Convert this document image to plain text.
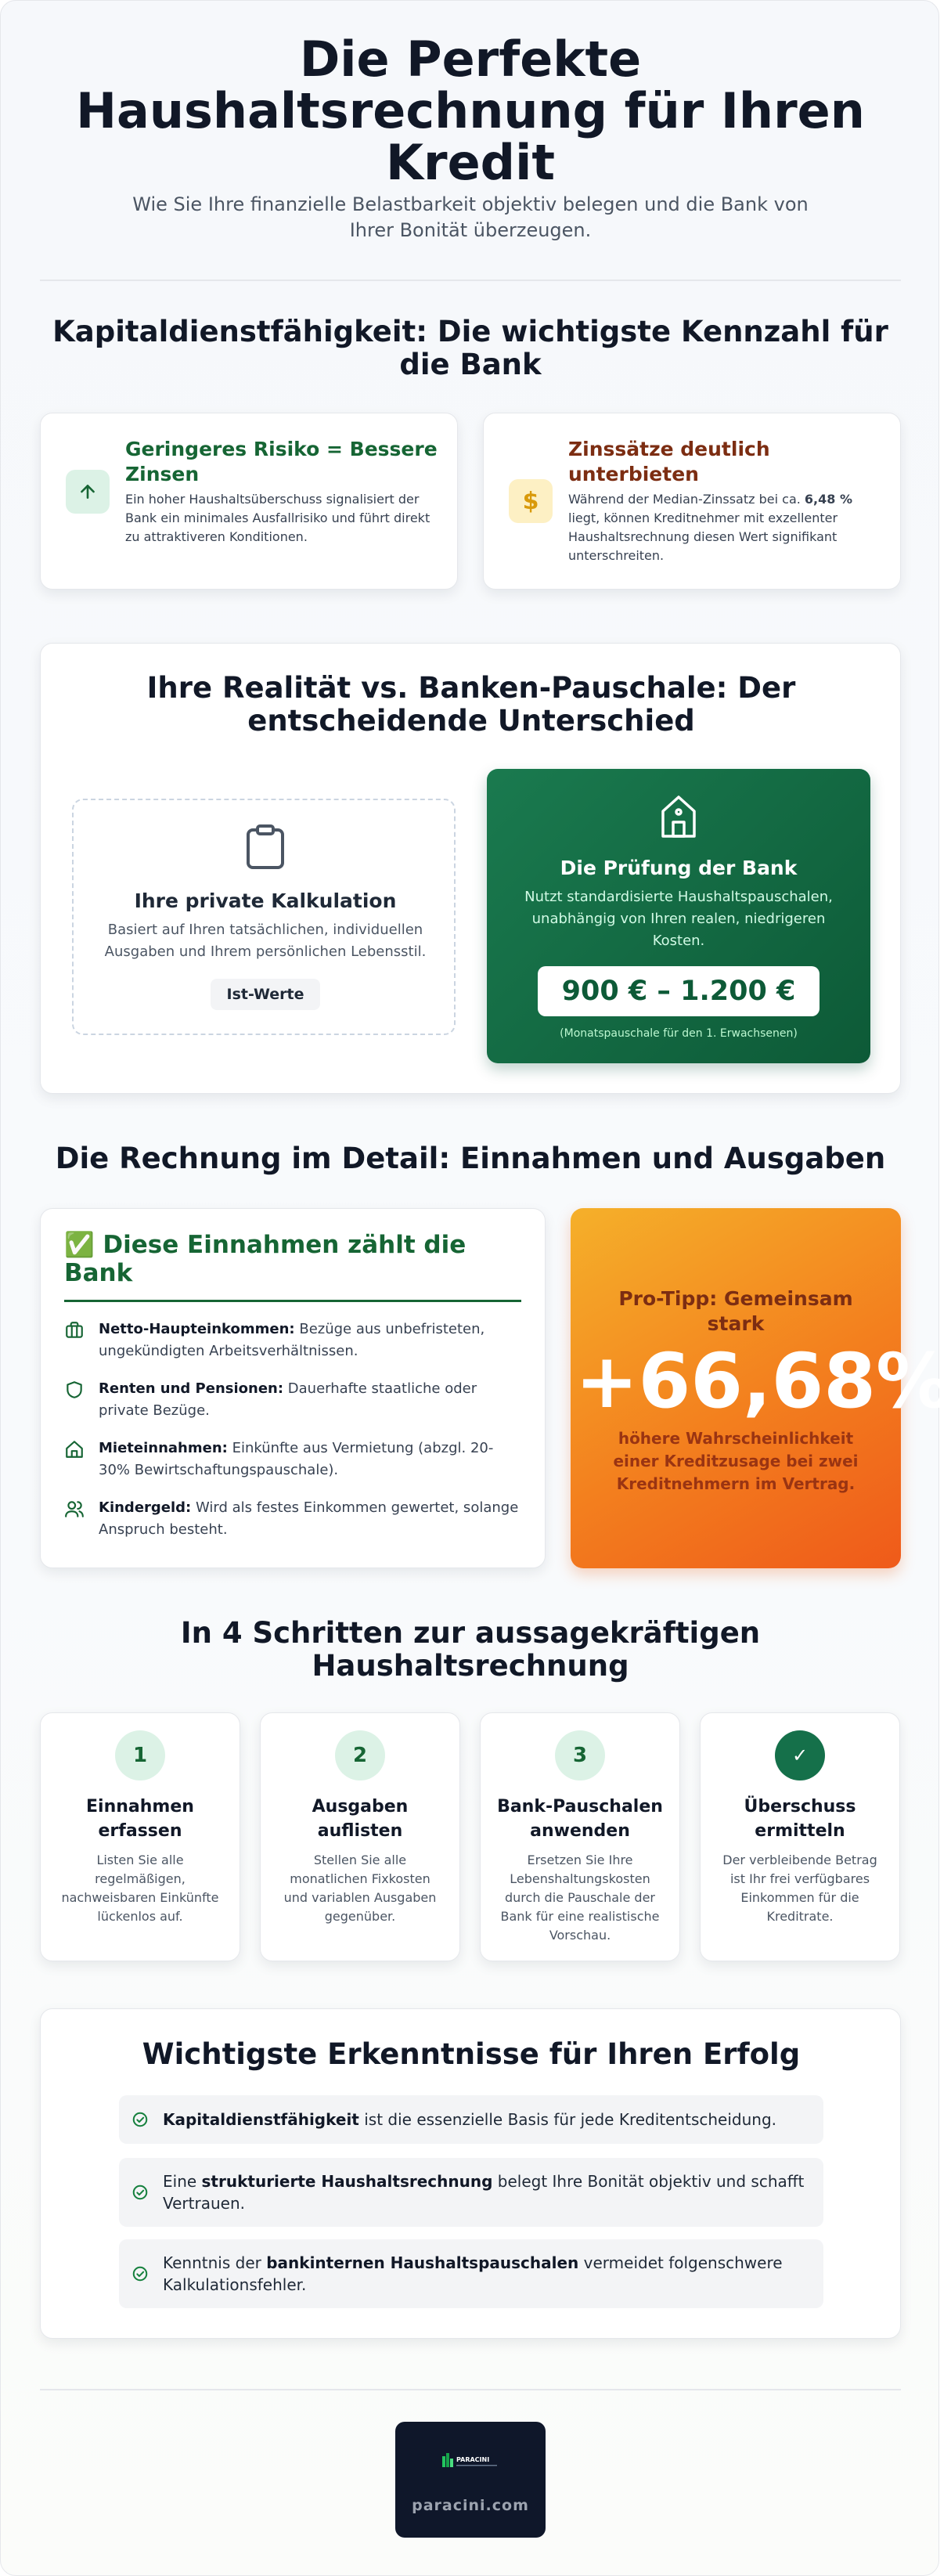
Die Perfekte
Haushaltsrechnung für Ihren
Kredit
Wie Sie Ihre finanzielle Belastbarkeit objektiv belegen und die Bank von
Ihrer Bonität überzeugen.
Kapitaldienstfähigkeit: Die wichtigste Kennzahl für
die Bank
Geringeres Risiko = Bessere
Zinsen
Ein hoher Haushaltsüberschuss signalisiert der
Bank ein minimales Ausfallrisiko und führt direkt
zu attraktiveren Konditionen.
$
Zinssätze deutlich
unterbieten
Während der Median-Zinssatz bei ca. 6,48 %
liegt, können Kreditnehmer mit exzellenter
Haushaltsrechnung diesen Wert signifikant
unterschreiten.
Ihre Realität vs. Banken-Pauschale: Der
entscheidende Unterschied
Ihre private Kalkulation
Basiert auf Ihren tatsächlichen, individuellen
Ausgaben und Ihrem persönlichen Lebensstil.
Ist-Werte
Die Prüfung der Bank
Nutzt standardisierte Haushaltspauschalen,
unabhängig von Ihren realen, niedrigeren
Kosten.
900 € – 1.200 €
(Monatspauschale für den 1. Erwachsenen)
Die Rechnung im Detail: Einnahmen und Ausgaben
✅ Diese Einnahmen zählt die
Bank
Netto-Haupteinkommen: Bezüge aus unbefristeten,
ungekündigten Arbeitsverhältnissen.
Renten und Pensionen: Dauerhafte staatliche oder
private Bezüge.
Mieteinnahmen: Einkünfte aus Vermietung (abzgl. 20-
30% Bewirtschaftungspauschale).
Kindergeld: Wird als festes Einkommen gewertet, solange
Anspruch besteht.
Pro-Tipp: Gemeinsam
stark
+66,68%
höhere Wahrscheinlichkeit
einer Kreditzusage bei zwei
Kreditnehmern im Vertrag.
In 4 Schritten zur aussagekräftigen
Haushaltsrechnung
1
Einnahmen
erfassen
Listen Sie alle
regelmäßigen,
nachweisbaren Einkünfte
lückenlos auf.
2
Ausgaben
auflisten
Stellen Sie alle
monatlichen Fixkosten
und variablen Ausgaben
gegenüber.
3
Bank-Pauschalen
anwenden
Ersetzen Sie Ihre
Lebenshaltungskosten
durch die Pauschale der
Bank für eine realistische
Vorschau.
✓
Überschuss
ermitteln
Der verbleibende Betrag
ist Ihr frei verfügbares
Einkommen für die
Kreditrate.
Wichtigste Erkenntnisse für Ihren Erfolg
Kapitaldienstfähigkeit ist die essenzielle Basis für jede Kreditentscheidung.
Eine strukturierte Haushaltsrechnung belegt Ihre Bonität objektiv und schafft
Vertrauen.
Kenntnis der bankinternen Haushaltspauschalen vermeidet folgenschwere
Kalkulationsfehler.
PARACINI
paracini.com
